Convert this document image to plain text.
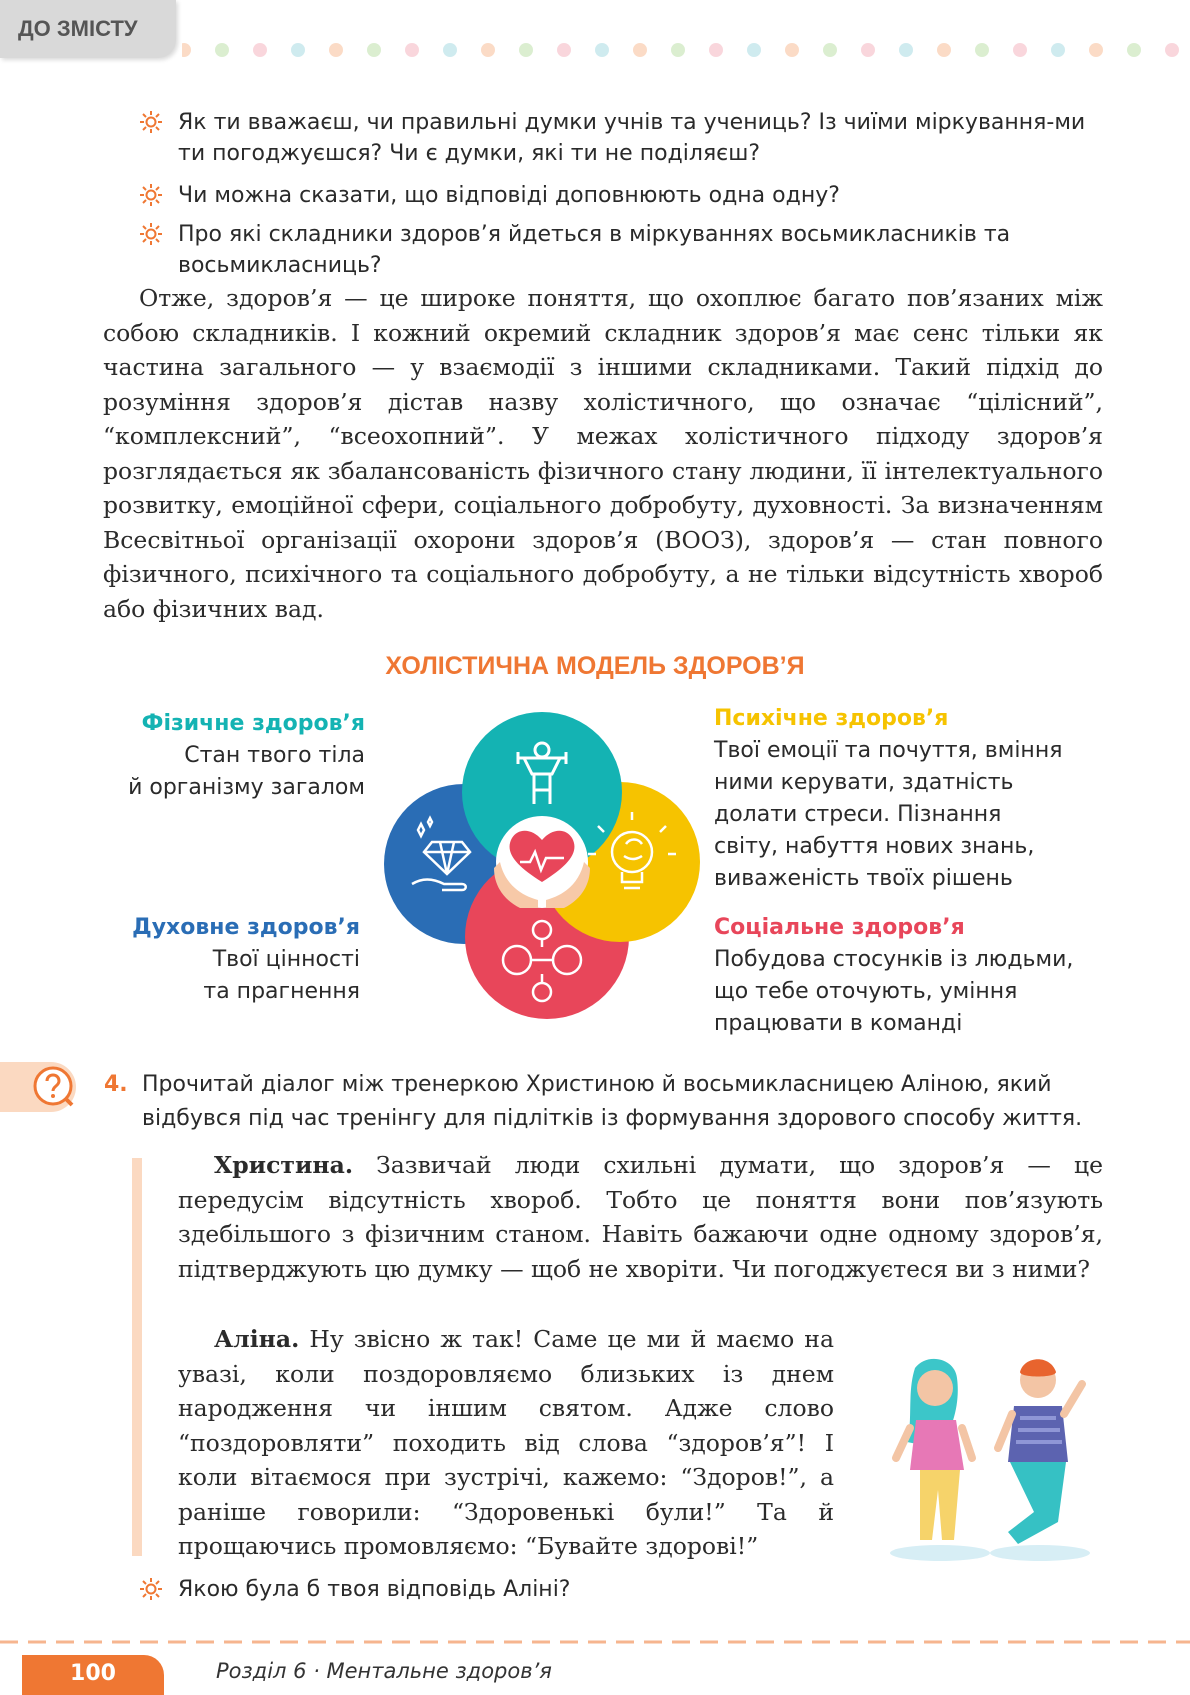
ДО ЗМІСТУ
Як ти вважаєш, чи правильні думки учнів та учениць? Із чиїми міркування-ми ти погоджуєшся? Чи є думки, які ти не поділяєш?
Чи можна сказати, що відповіді доповнюють одна одну?
Про які складники здоров’я йдеться в міркуваннях восьмикласників та восьмикласниць?
Отже, здоров’я — це широке поняття, що охоплює багато пов’язаних між собою складників. І кожний окремий складник здоров’я має сенс тільки як частина загального — у взаємодії з іншими складниками. Такий підхід до розуміння здоров’я дістав назву холістичного, що означає “цілісний”, “комплексний”, “всеохопний”. У межах холістичного підходу здоров’я розглядається як збалансованість фізичного стану людини, її інтелектуального розвитку, емоційної сфери, соціального добробуту, духовності. За визначенням Всесвітньої організації охорони здоров’я (ВООЗ), здоров’я — стан повного фізичного, психічного та соціального добробуту, а не тільки відсутність хвороб або фізичних вад.
ХОЛІСТИЧНА МОДЕЛЬ ЗДОРОВ’Я
Фізичне здоров’я
Стан твого тіла
й організму загалом
Психічне здоров’я
Твої емоції та почуття, вміння
ними керувати, здатність
долати стреси. Пізнання
світу, набуття нових знань,
виваженість твоїх рішень
Духовне здоров’я
Твої цінності
та прагнення
Соціальне здоров’я
Побудова стосунків із людьми,
що тебе оточують, уміння
працювати в команді
4. Прочитай діалог між тренеркою Христиною й восьмикласницею Аліною, який відбувся під час тренінгу для підлітків із формування здорового способу життя.
Христина. Зазвичай люди схильні думати, що здоров’я — це передусім відсутність хвороб. Тобто це поняття вони пов’язують здебільшого з фізичним станом. Навіть бажаючи одне одному здоров’я, підтверджують цю думку — щоб не хворіти. Чи погоджуєтеся ви з ними?
Аліна. Ну звісно ж так! Саме це ми й маємо на увазі, коли поздоровляємо близьких із днем народження чи іншим святом. Адже слово “поздоровляти” походить від слова “здоров’я”! І коли вітаємося при зустрічі, кажемо: “Здоров!”, а раніше говорили: “Здоровенькі були!” Та й прощаючись промовляємо: “Бувайте здорові!”
Якою була б твоя відповідь Аліні?
100	Розділ 6 · Ментальне здоров’я
